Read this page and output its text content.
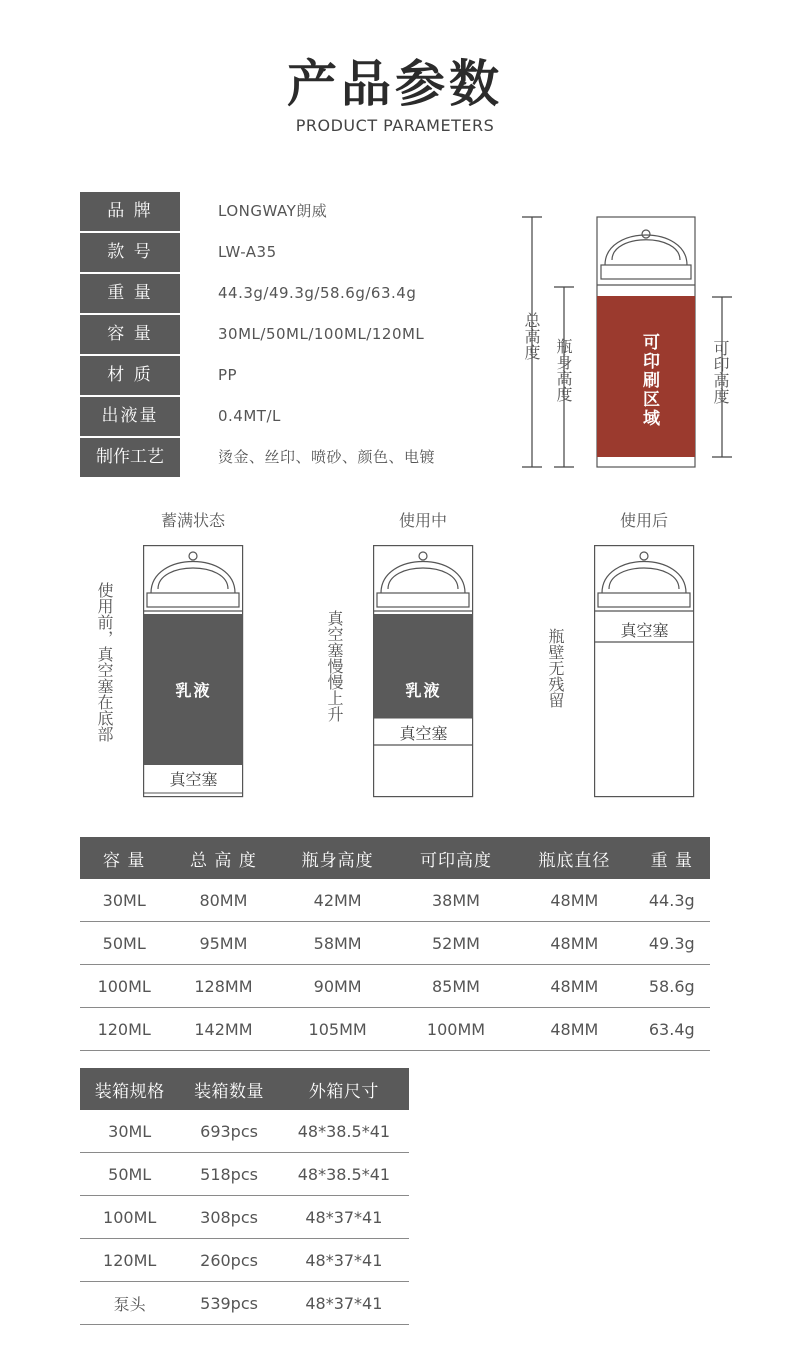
产品参数
PRODUCT PARAMETERS
品 牌	LONGWAY朗威
款 号	LW-A35
重 量	44.3g/49.3g/58.6g/63.4g
容 量	30ML/50ML/100ML/120ML
材 质	PP
出液量	0.4MT/L
制作工艺	烫金、丝印、喷砂、颜色、电镀
总高度
瓶身高度	可印刷区域	可印高度
蓄满状态	使用中	使用后
乳液
真空塞
使用前，真空塞在底部	乳液
真空塞
真空塞慢慢上升	真空塞
瓶壁无残留
容 量	总 高 度	瓶身高度	可印高度	瓶底直径	重 量
30ML	80MM	42MM	38MM	48MM	44.3g
50ML	95MM	58MM	52MM	48MM	49.3g
100ML	128MM	90MM	85MM	48MM	58.6g
120ML	142MM	105MM	100MM	48MM	63.4g
装箱规格	装箱数量	外箱尺寸
30ML	693pcs	48*38.5*41
50ML	518pcs	48*38.5*41
100ML	308pcs	48*37*41
120ML	260pcs	48*37*41
泵头	539pcs	48*37*41
